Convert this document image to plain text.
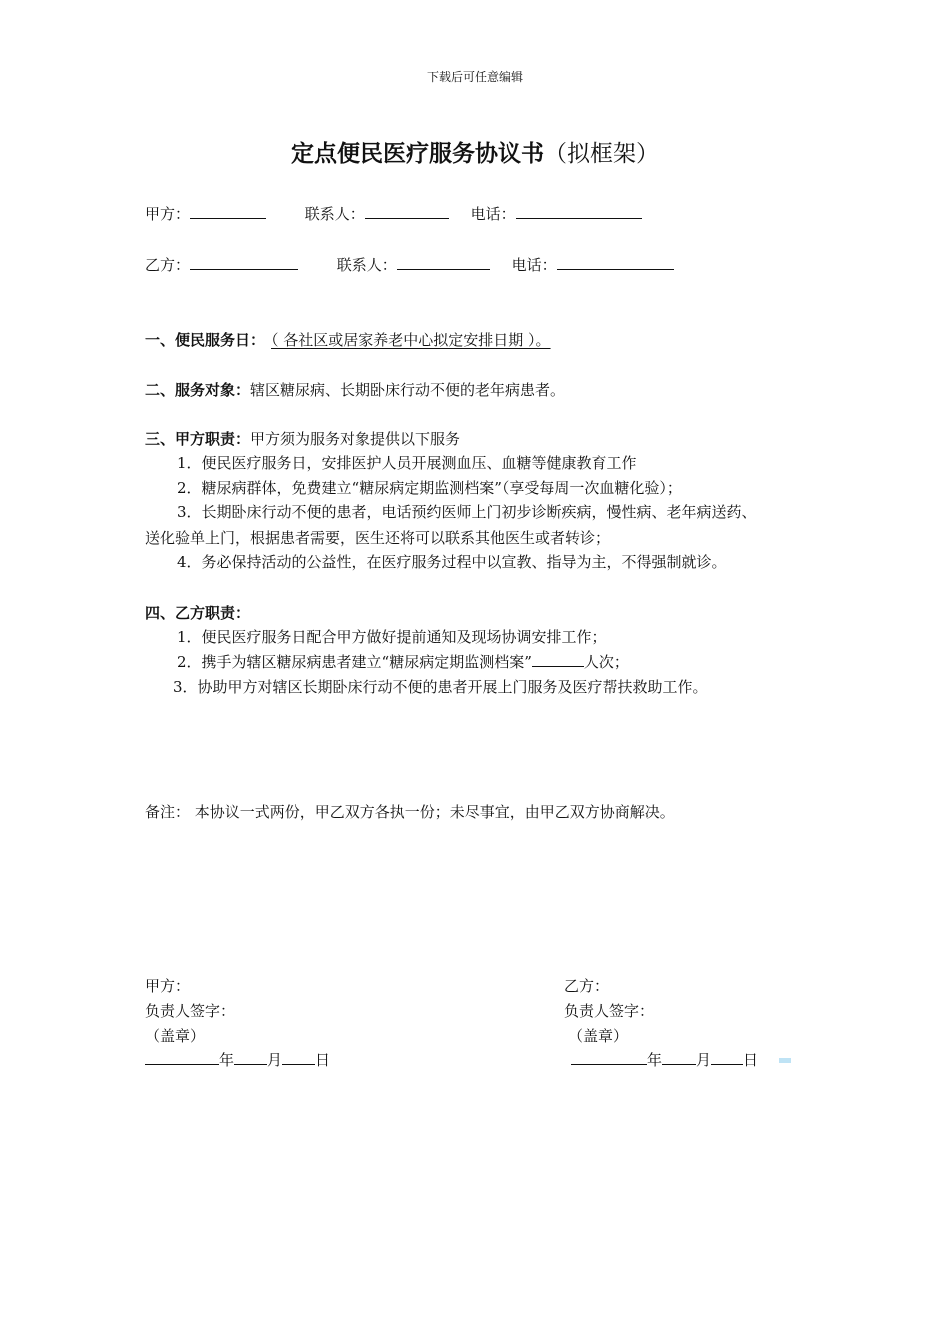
下载后可任意编辑
定点便民医疗服务协议书（拟框架）
甲方：	联系人：	电话：
乙方：	联系人：	电话：
一、便民服务日： （ 各社区或居家养老中心拟定安排日期 ）。
二、服务对象：辖区糖尿病、长期卧床行动不便的老年病患者。
三、甲方职责：甲方须为服务对象提供以下服务
1．便民医疗服务日，安排医护人员开展测血压、血糖等健康教育工作
2．糖尿病群体，免费建立“糖尿病定期监测档案”（享受每周一次血糖化验）；
3．长期卧床行动不便的患者，电话预约医师上门初步诊断疾病，慢性病、老年病送药、
送化验单上门，根据患者需要，医生还将可以联系其他医生或者转诊；
4．务必保持活动的公益性，在医疗服务过程中以宣教、指导为主，不得强制就诊。
四、乙方职责：
1．便民医疗服务日配合甲方做好提前通知及现场协调安排工作；
2．携手为辖区糖尿病患者建立“糖尿病定期监测档案”	人次；
3．协助甲方对辖区长期卧床行动不便的患者开展上门服务及医疗帮扶救助工作。
备注： 本协议一式两份，甲乙双方各执一份；未尽事宜，由甲乙双方协商解决。
甲方：
负责人签字：
（盖章）
年 月 日
乙方：
负责人签字：
（盖章）
年 月 日
